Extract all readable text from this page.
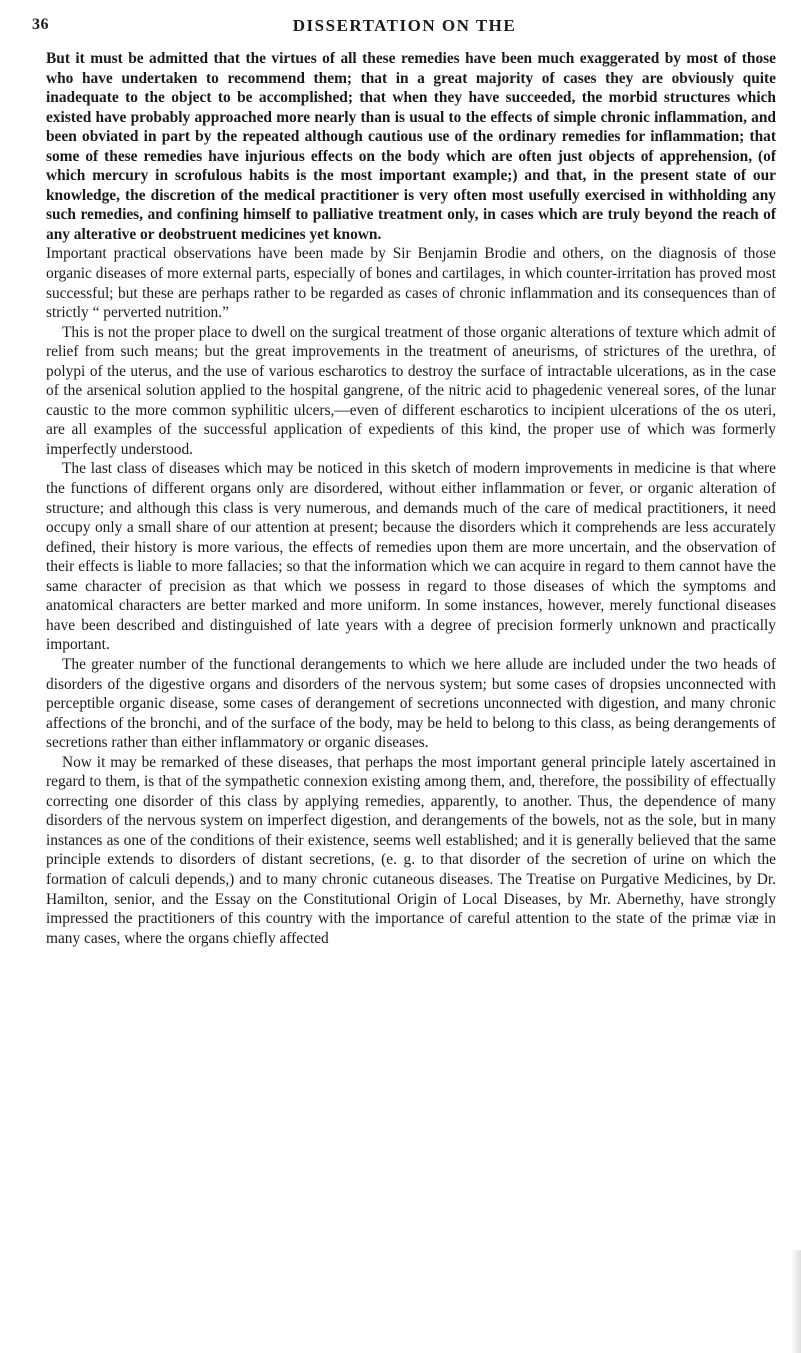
36	DISSERTATION ON THE

But it must be admitted that the virtues of all these remedies have been much exaggerated by most of those who have undertaken to recommend them; that in a great majority of cases they are obviously quite inadequate to the object to be accomplished; that when they have succeeded, the morbid structures which existed have probably approached more nearly than is usual to the effects of simple chronic inflammation, and been obviated in part by the repeated although cautious use of the ordinary remedies for inflammation; that some of these remedies have injurious effects on the body which are often just objects of apprehension, (of which mercury in scrofulous habits is the most important example;) and that, in the present state of our knowledge, the discretion of the medical practitioner is very often most usefully exercised in withholding any such remedies, and confining himself to palliative treatment only, in cases which are truly beyond the reach of any alterative or deobstruent medicines yet known.

Important practical observations have been made by Sir Benjamin Brodie and others, on the diagnosis of those organic diseases of more external parts, especially of bones and cartilages, in which counter-irritation has proved most successful; but these are perhaps rather to be regarded as cases of chronic inflammation and its consequences than of strictly “ perverted nutrition.”

This is not the proper place to dwell on the surgical treatment of those organic alterations of texture which admit of relief from such means; but the great improvements in the treatment of aneurisms, of strictures of the urethra, of polypi of the uterus, and the use of various escharotics to destroy the surface of intractable ulcerations, as in the case of the arsenical solution applied to the hospital gangrene, of the nitric acid to phagedenic venereal sores, of the lunar caustic to the more common syphilitic ulcers,—even of different escharotics to incipient ulcerations of the os uteri, are all examples of the successful application of expedients of this kind, the proper use of which was formerly imperfectly understood.

The last class of diseases which may be noticed in this sketch of modern improvements in medicine is that where the functions of different organs only are disordered, without either inflammation or fever, or organic alteration of structure; and although this class is very numerous, and demands much of the care of medical practitioners, it need occupy only a small share of our attention at present; because the disorders which it comprehends are less accurately defined, their history is more various, the effects of remedies upon them are more uncertain, and the observation of their effects is liable to more fallacies; so that the information which we can acquire in regard to them cannot have the same character of precision as that which we possess in regard to those diseases of which the symptoms and anatomical characters are better marked and more uniform. In some instances, however, merely functional diseases have been described and distinguished of late years with a degree of precision formerly unknown and practically important.

The greater number of the functional derangements to which we here allude are included under the two heads of disorders of the digestive organs and disorders of the nervous system; but some cases of dropsies unconnected with perceptible organic disease, some cases of derangement of secretions unconnected with digestion, and many chronic affections of the bronchi, and of the surface of the body, may be held to belong to this class, as being derangements of secretions rather than either inflammatory or organic diseases.

Now it may be remarked of these diseases, that perhaps the most important general principle lately ascertained in regard to them, is that of the sympathetic connexion existing among them, and, therefore, the possibility of effectually correcting one disorder of this class by applying remedies, apparently, to another. Thus, the dependence of many disorders of the nervous system on imperfect digestion, and derangements of the bowels, not as the sole, but in many instances as one of the conditions of their existence, seems well established; and it is generally believed that the same principle extends to disorders of distant secretions, (e. g. to that disorder of the secretion of urine on which the formation of calculi depends,) and to many chronic cutaneous diseases. The Treatise on Purgative Medicines, by Dr. Hamilton, senior, and the Essay on the Constitutional Origin of Local Diseases, by Mr. Abernethy, have strongly impressed the practitioners of this country with the importance of careful attention to the state of the primæ viæ in many cases, where the organs chiefly affected
